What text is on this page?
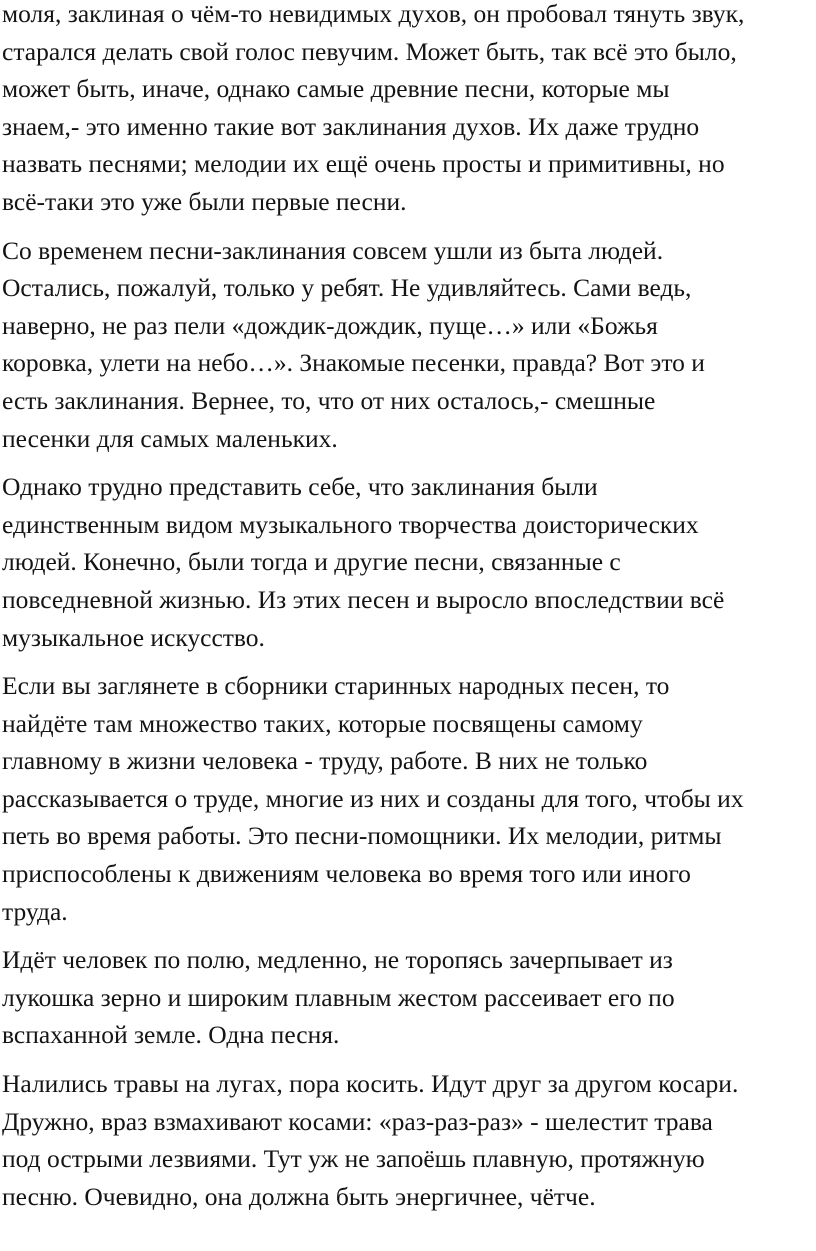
моля, заклиная о чём-то невидимых духов, он пробовал тянуть звук,
старался делать свой голос певучим. Может быть, так всё это было,
может быть, иначе, однако самые древние песни, которые мы
знаем,- это именно такие вот заклинания духов. Их даже трудно
назвать песнями; мелодии их ещё очень просты и примитивны, но
всё-таки это уже были первые песни.

Со временем песни-заклинания совсем ушли из быта людей.
Остались, пожалуй, только у ребят. Не удивляйтесь. Сами ведь,
наверно, не раз пели «дождик-дождик, пуще…» или «Божья
коровка, улети на небо…». Знакомые песенки, правда? Вот это и
есть заклинания. Вернее, то, что от них осталось,- смешные
песенки для самых маленьких.

Однако трудно представить себе, что заклинания были
единственным видом музыкального творчества доисторических
людей. Конечно, были тогда и другие песни, связанные с
повседневной жизнью. Из этих песен и выросло впоследствии всё
музыкальное искусство.

Если вы заглянете в сборники старинных народных песен, то
найдёте там множество таких, которые посвящены самому
главному в жизни человека - труду, работе. В них не только
рассказывается о труде, многие из них и созданы для того, чтобы их
петь во время работы. Это песни-помощники. Их мелодии, ритмы
приспособлены к движениям человека во время того или иного
труда.

Идёт человек по полю, медленно, не торопясь зачерпывает из
лукошка зерно и широким плавным жестом рассеивает его по
вспаханной земле. Одна песня.

Налились травы на лугах, пора косить. Идут друг за другом косари.
Дружно, враз взмахивают косами: «раз-раз-раз» - шелестит трава
под острыми лезвиями. Тут уж не запоёшь плавную, протяжную
песню. Очевидно, она должна быть энергичнее, чётче.
